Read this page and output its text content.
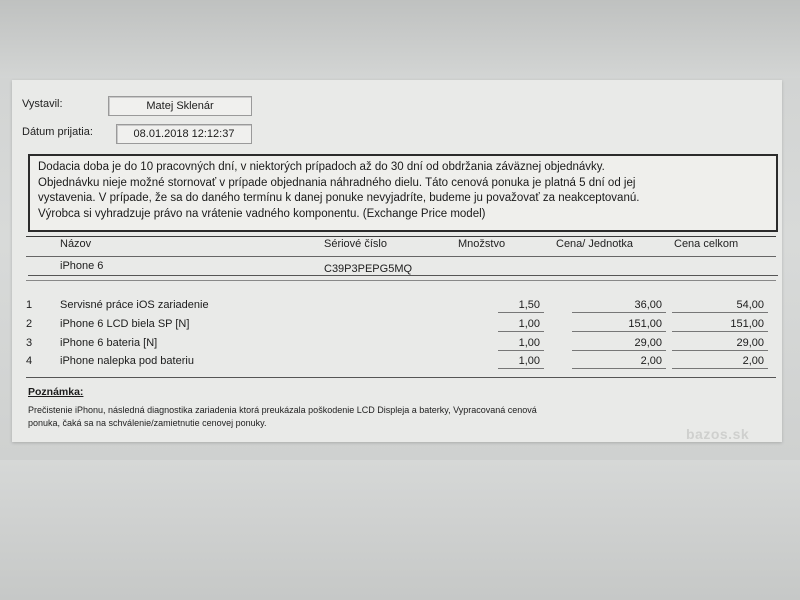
Vystavil:	Matej Sklenár
Dátum prijatia:	08.01.2018 12:12:37

Dodacia doba je do 10 pracovných dní, v niektorých prípadoch až do 30 dní od obdržania záväznej objednávky.

Objednávku nieje možné stornovať v prípade objednania náhradného dielu. Táto cenová ponuka je platná 5 dní od jej

vystavenia. V prípade, že sa do daného termínu k danej ponuke nevyjadríte, budeme ju považovať za neakceptovanú.

Výrobca si vyhradzuje právo na vrátenie vadného komponentu. (Exchange Price model)

Názov	Sériové číslo	Množstvo	Cena/ Jednotka	Cena celkom
iPhone 6	C39P3PEPG5MQ
1	Servisné práce iOS zariadenie	1,50	36,00	54,00
2	iPhone 6 LCD biela SP [N]	1,00	151,00	151,00
3	iPhone 6 bateria [N]	1,00	29,00	29,00
4	iPhone nalepka pod bateriu	1,00	2,00	2,00
Poznámka:
Prečistenie iPhonu, následná diagnostika zariadenia ktorá preukázala poškodenie LCD Displeja a baterky, Vypracovaná cenová
ponuka, čaká sa na schválenie/zamietnutie cenovej ponuky.
bazos.sk
